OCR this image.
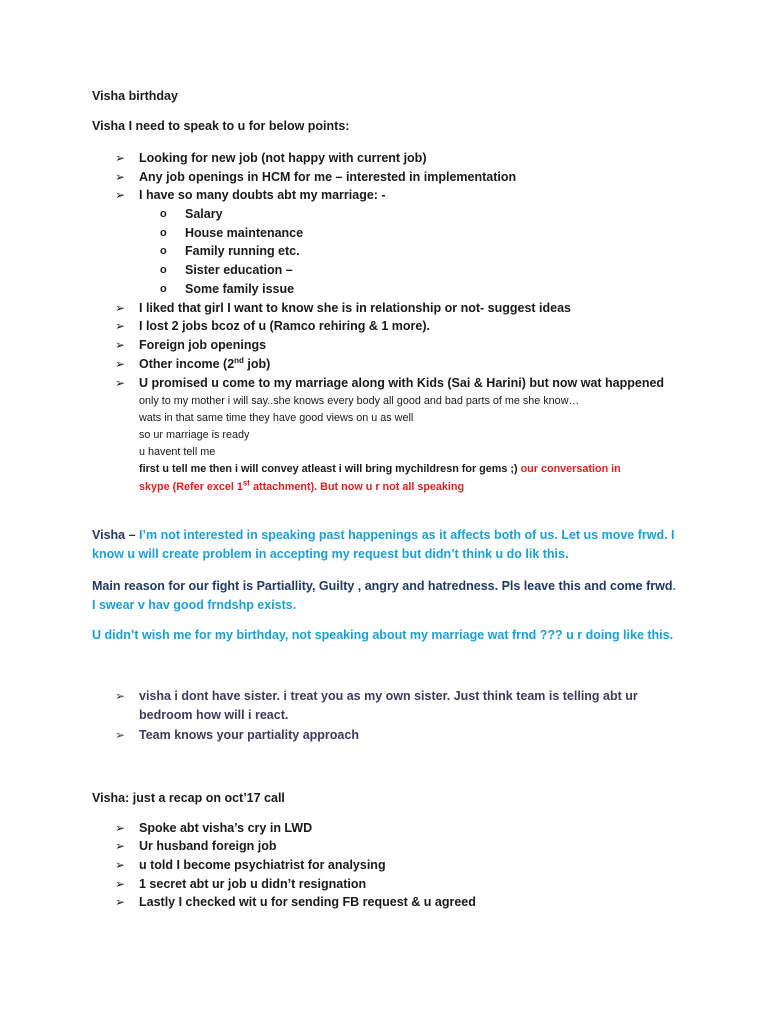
Visha birthday
Visha I need to speak to u for below points:
➢ Looking for new job (not happy with current job)
➢ Any job openings in HCM for me – interested in implementation
➢ I have so many doubts abt my marriage: -
o Salary
o House maintenance
o Family running etc.
o Sister education –
o Some family issue
➢ I liked that girl I want to know she is in relationship or not- suggest ideas
➢ I lost 2 jobs bcoz of u (Ramco rehiring & 1 more).
➢ Foreign job openings
➢ Other income (2nd job)
➢ U promised u come to my marriage along with Kids (Sai & Harini) but now wat happened
only to my mother i will say..she knows every body all good and bad parts of me she know…
wats in that same time they have good views on u as well
so ur marriage is ready
u havent tell me
first u tell me then i will convey atleast i will bring mychildresn for gems ;) our conversation in
skype (Refer excel 1st attachment). But now u r not all speaking
Visha – I’m not interested in speaking past happenings as it affects both of us. Let us move frwd. I
know u will create problem in accepting my request but didn’t think u do lik this.
Main reason for our fight is Partiallity, Guilty , angry and hatredness. Pls leave this and come frwd.
I swear v hav good frndshp exists.
U didn’t wish me for my birthday, not speaking about my marriage wat frnd ??? u r doing like this.
➢ visha i dont have sister. i treat you as my own sister. Just think team is telling abt ur
bedroom how will i react.
➢ Team knows your partiality approach
Visha: just a recap on oct’17 call
➢ Spoke abt visha’s cry in LWD
➢ Ur husband foreign job
➢ u told I become psychiatrist for analysing
➢ 1 secret abt ur job u didn’t resignation
➢ Lastly I checked wit u for sending FB request & u agreed
